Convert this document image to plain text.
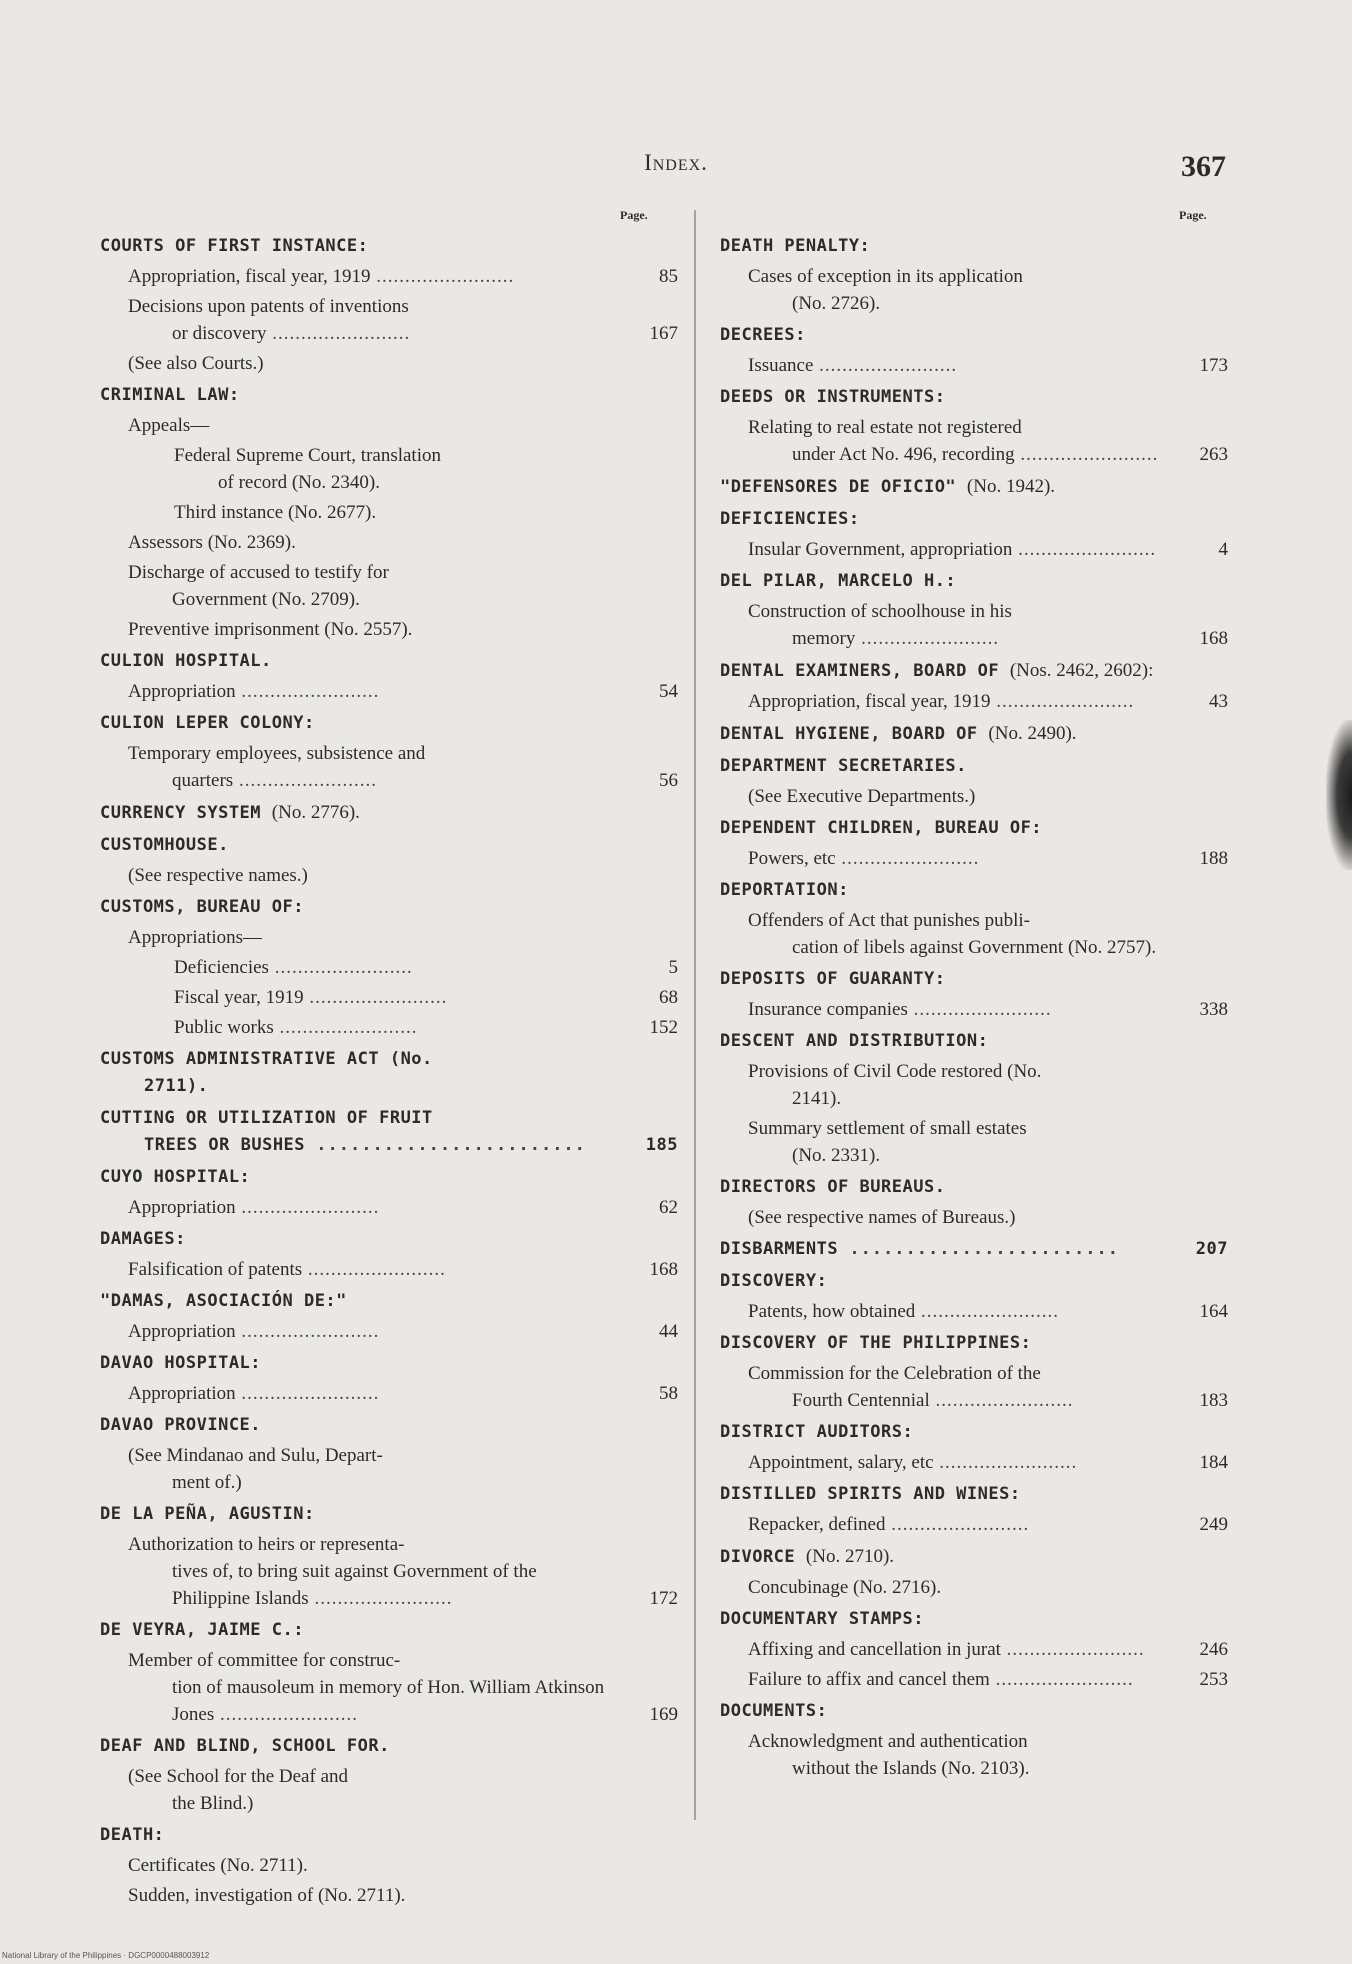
Index.	367
Page.	Page.
COURTS OF FIRST INSTANCE:
Appropriation, fiscal year, 1919 ........................	85
Decisions upon patents of inventions
or discovery ........................	167
(See also Courts.)
CRIMINAL LAW:
Appeals—
Federal Supreme Court, translation
of record (No. 2340).
Third instance (No. 2677).
Assessors (No. 2369).
Discharge of accused to testify for
Government (No. 2709).
Preventive imprisonment (No. 2557).
CULION HOSPITAL.
Appropriation ........................	54
CULION LEPER COLONY:
Temporary employees, subsistence and
quarters ........................	56
CURRENCY SYSTEM (No. 2776).
CUSTOMHOUSE.
(See respective names.)
CUSTOMS, BUREAU OF:
Appropriations—
Deficiencies ........................	5
Fiscal year, 1919 ........................	68
Public works ........................	152
CUSTOMS ADMINISTRATIVE ACT (No.
2711).
CUTTING OR UTILIZATION OF FRUIT
TREES OR BUSHES ........................	185
CUYO HOSPITAL:
Appropriation ........................	62
DAMAGES:
Falsification of patents ........................	168
"DAMAS, ASOCIACIÓN DE:"
Appropriation ........................	44
DAVAO HOSPITAL:
Appropriation ........................	58
DAVAO PROVINCE.
(See Mindanao and Sulu, Depart-
ment of.)
DE LA PEÑA, AGUSTIN:
Authorization to heirs or representa-
tives of, to bring suit against Government of the Philippine Islands ........................	172
DE VEYRA, JAIME C.:
Member of committee for construc-
tion of mausoleum in memory of Hon. William Atkinson Jones ........................	169
DEAF AND BLIND, SCHOOL FOR.
(See School for the Deaf and
the Blind.)
DEATH:
Certificates (No. 2711).
Sudden, investigation of (No. 2711).
DEATH PENALTY:
Cases of exception in its application
(No. 2726).
DECREES:
Issuance ........................	173
DEEDS OR INSTRUMENTS:
Relating to real estate not registered
under Act No. 496, recording ........................	263
"DEFENSORES DE OFICIO" (No. 1942).
DEFICIENCIES:
Insular Government, appropriation ........................	4
DEL PILAR, MARCELO H.:
Construction of schoolhouse in his
memory ........................	168
DENTAL EXAMINERS, BOARD OF (Nos. 2462, 2602):
Appropriation, fiscal year, 1919 ........................	43
DENTAL HYGIENE, BOARD OF (No. 2490).
DEPARTMENT SECRETARIES.
(See Executive Departments.)
DEPENDENT CHILDREN, BUREAU OF:
Powers, etc ........................	188
DEPORTATION:
Offenders of Act that punishes publi-
cation of libels against Government (No. 2757).
DEPOSITS OF GUARANTY:
Insurance companies ........................	338
DESCENT AND DISTRIBUTION:
Provisions of Civil Code restored (No.
2141).
Summary settlement of small estates
(No. 2331).
DIRECTORS OF BUREAUS.
(See respective names of Bureaus.)
DISBARMENTS ........................	207
DISCOVERY:
Patents, how obtained ........................	164
DISCOVERY OF THE PHILIPPINES:
Commission for the Celebration of the
Fourth Centennial ........................	183
DISTRICT AUDITORS:
Appointment, salary, etc ........................	184
DISTILLED SPIRITS AND WINES:
Repacker, defined ........................	249
DIVORCE (No. 2710).
Concubinage (No. 2716).
DOCUMENTARY STAMPS:
Affixing and cancellation in jurat ........................	246
Failure to affix and cancel them ........................	253
DOCUMENTS:
Acknowledgment and authentication
without the Islands (No. 2103).
National Library of the Philippines · DGCP0000488003912
